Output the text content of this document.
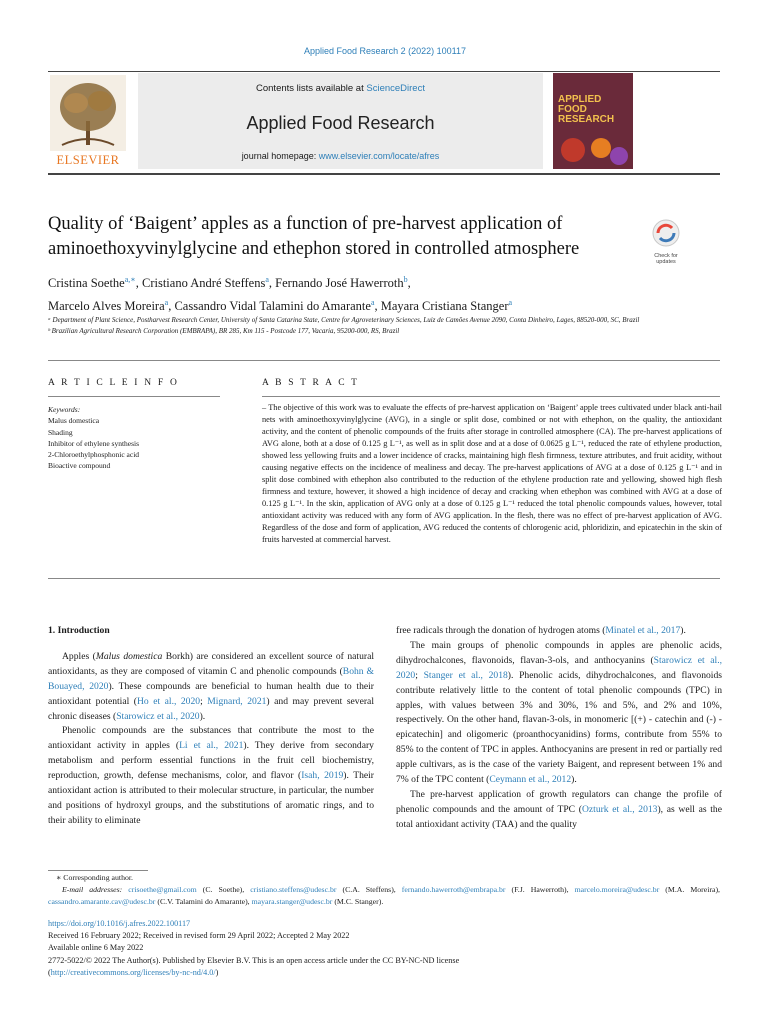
Applied Food Research 2 (2022) 100117
ELSEVIER
Contents lists available at ScienceDirect
Applied Food Research
journal homepage: www.elsevier.com/locate/afres
APPLIED
FOOD
RESEARCH
Quality of ‘Baigent’ apples as a function of pre-harvest application of aminoethoxyvinylglycine and ethephon stored in controlled atmosphere	Check for
updates
Cristina Soethe$^{a,∗}$, Cristiano André Steffens$^a$, Fernando José Hawerroth$^b$,
Marcelo Alves Moreira$^a$, Cassandro Vidal Talamini do Amarante$^a$, Mayara Cristiana Stanger$^a$
ᵃ Department of Plant Science, Postharvest Research Center, University of Santa Catarina State, Centre for Agroveterinary Sciences, Luiz de Camões Avenue 2090, Conta Dinheiro, Lages, 88520-000, SC, Brazil
ᵇ Brazilian Agricultural Research Corporation (EMBRAPA), BR 285, Km 115 - Postcode 177, Vacaria, 95200-000, RS, Brazil
A R T I C L E I N F O	A B S T R A C T
Keywords:
Malus domestica
Shading
Inhibitor of ethylene synthesis
2-Chloroethylphosphonic acid
Bioactive compound
– The objective of this work was to evaluate the effects of pre-harvest application on ‘Baigent’ apple trees cultivated under black anti-hail nets with aminoethoxyvinylglycine (AVG), in a single or split dose, combined or not with ethephon, on the quality, the antioxidant activity, and the content of phenolic compounds of the fruits after storage in controlled atmosphere (CA). The pre-harvest applications of AVG alone, both at a dose of 0.125 g L⁻¹, as well as in split dose and at a dose of 0.0625 g L⁻¹, reduced the rate of ethylene production, showed less yellowing fruits and a lower incidence of cracks, maintaining high flesh firmness, texture attributes, and fruit acidity, without causing negative effects on the incidence of mealiness and decay. The pre-harvest applications of AVG at a dose of 0.125 g L⁻¹ and in split dose combined with ethephon also contributed to the reduction of the ethylene production rate and yellowing, showed high flesh firmness and texture, however, it showed a high incidence of decay and cracking when ethephon was combined with AVG at a dose of 0.125 g L⁻¹. In the skin, application of AVG only at a dose of 0.125 g L⁻¹ reduced the total phenolic compounds values, however, total antioxidant activity was reduced with any form of AVG application. In the flesh, there was no effect of pre-harvest application of AVG. Regardless of the dose and form of application, AVG reduced the contents of chlorogenic acid, phloridizin, and epicatechin in the skin of fruits harvested at commercial harvest.
1. Introduction

Apples (Malus domestica Borkh) are considered an excellent source of natural antioxidants, as they are composed of vitamin C and phenolic compounds (Bohn & Bouayed, 2020). These compounds are beneficial to human health due to their antioxidant potential (Ho et al., 2020; Mignard, 2021) and may prevent several chronic diseases (Starowicz et al., 2020).

Phenolic compounds are the substances that contribute the most to the antioxidant activity in apples (Li et al., 2021). They derive from secondary metabolism and perform essential functions in the fruit cell biochemistry, reproduction, growth, defense mechanisms, color, and flavor (Isah, 2019). Their antioxidant action is attributed to their molecular structure, in particular, the number and positions of hydroxyl groups, and the substitutions of aromatic rings, and to their ability to eliminate

free radicals through the donation of hydrogen atoms (Minatel et al., 2017).

The main groups of phenolic compounds in apples are phenolic acids, dihydrochalcones, flavonoids, flavan-3-ols, and anthocyanins (Starowicz et al., 2020; Stanger et al., 2018). Phenolic acids, dihydrochalcones, and flavonoids contribute relatively little to the content of total phenolic compounds (TPC) in apples, with values between 3% and 30%, 1% and 5%, and 2% and 10%, respectively. On the other hand, flavan-3-ols, in monomeric [(+) - catechin and (-) - epicatechin] and oligomeric (proanthocyanidins) forms, contribute from 55% to 85% to the content of TPC in apples. Anthocyanins are present in red or partially red apple cultivars, as is the case of the variety Baigent, and represent between 1% and 7% of the TPC content (Ceymann et al., 2012).

The pre-harvest application of growth regulators can change the profile of phenolic compounds and the amount of TPC (Ozturk et al., 2013), as well as the total antioxidant activity (TAA) and the quality

∗ Corresponding author.
E-mail addresses: crisoethe@gmail.com (C. Soethe), cristiano.steffens@udesc.br (C.A. Steffens), fernando.hawerroth@embrapa.br (F.J. Hawerroth), marcelo.moreira@udesc.br (M.A. Moreira), cassandro.amarante.cav@udesc.br (C.V. Talamini do Amarante), mayara.stanger@udesc.br (M.C. Stanger).
https://doi.org/10.1016/j.afres.2022.100117
Received 16 February 2022; Received in revised form 29 April 2022; Accepted 2 May 2022
Available online 6 May 2022
2772-5022/© 2022 The Author(s). Published by Elsevier B.V. This is an open access article under the CC BY-NC-ND license
(http://creativecommons.org/licenses/by-nc-nd/4.0/)
